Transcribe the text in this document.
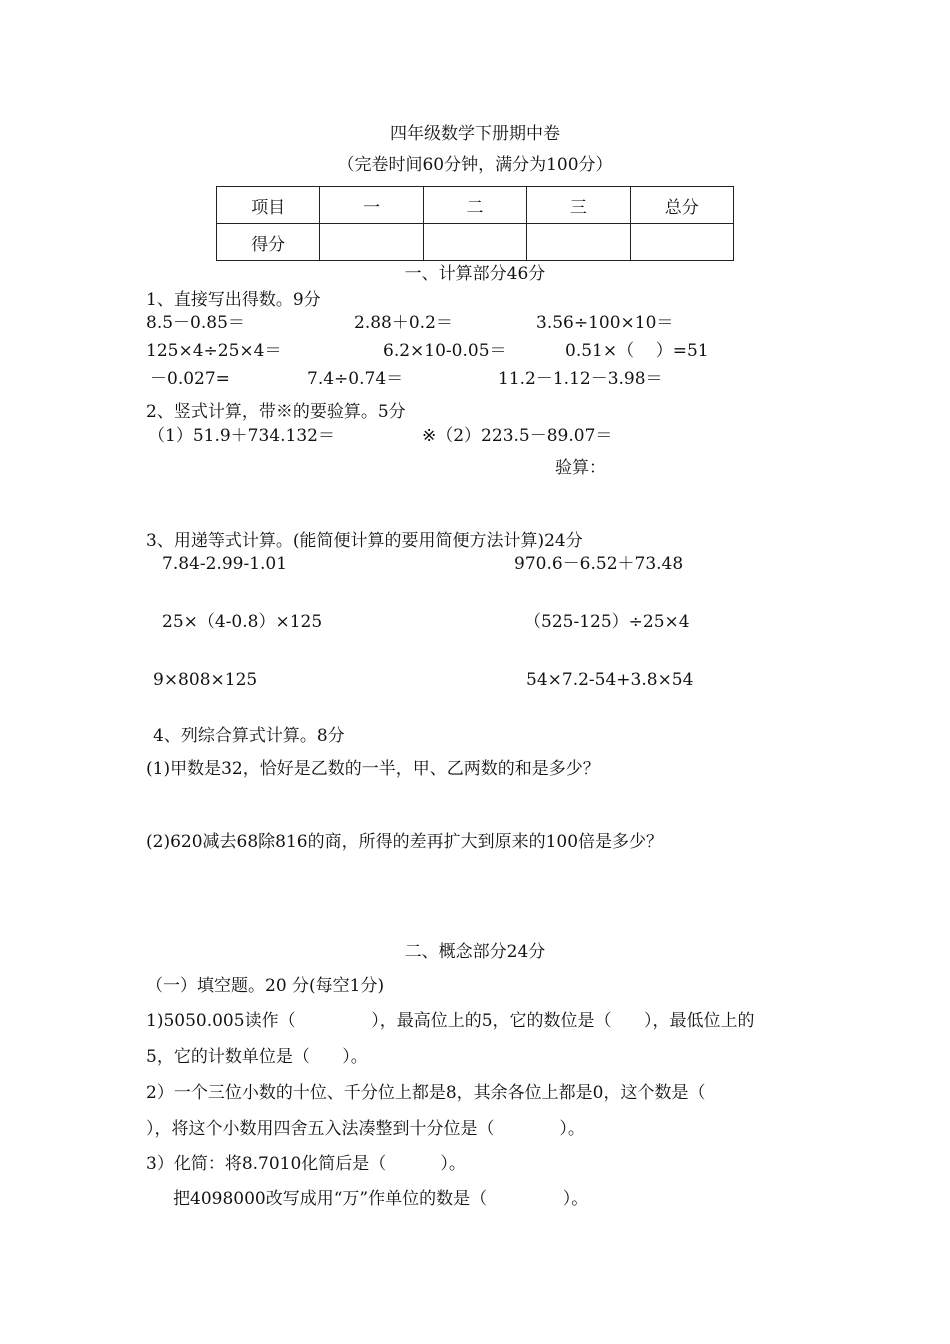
四年级数学下册期中卷
（完卷时间60分钟，满分为100分）
项目	一	二	三	总分
得分				
一、计算部分46分
1、直接写出得数。9分
8.5－0.85＝	2.88＋0.2＝	3.56÷100×10＝
125×4÷25×4＝	6.2×10-0.05＝	0.51×（    ）=51
－0.027=	7.4÷0.74＝	11.2－1.12－3.98＝
2、竖式计算，带※的要验算。5分
（1）51.9＋734.132＝	※（2）223.5－89.07＝
验算：
3、用递等式计算。(能简便计算的要用简便方法计算)24分
7.84-2.99-1.01	970.6－6.52＋73.48
25×（4-0.8）×125	（525-125）÷25×4
9×808×125	54×7.2-54+3.8×54
4、列综合算式计算。8分
(1)甲数是32，恰好是乙数的一半，甲、乙两数的和是多少？
(2)620减去68除816的商，所得的差再扩大到原来的100倍是多少？
二、概念部分24分
（一）填空题。20 分(每空1分)
1)5050.005读作（              ），最高位上的5，它的数位是（      ），最低位上的
5，它的计数单位是（      ）。
2）一个三位小数的十位、千分位上都是8，其余各位上都是0，这个数是（
），将这个小数用四舍五入法凑整到十分位是（            ）。
3）化简：将8.7010化简后是（          ）。
把4098000改写成用“万”作单位的数是（              ）。
